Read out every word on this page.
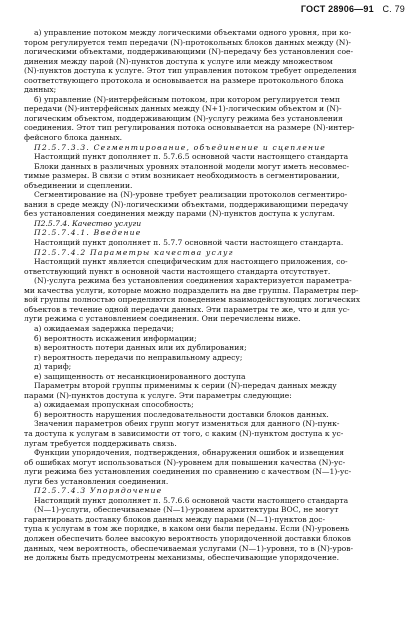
ГОСТ 28906—91 С. 79
а) управление потоком между логическими объектами одного уровня, при ко-
тором регулируется темп передачи (N)-протокольных блоков данных между (N)-
логическими объектами, поддерживающими (N)-передачу без установления сое-
динения между парой (N)-пунктов доступа к услуге или между множеством
(N)-пунктов доступа к услуге. Этот тип управления потоком требует определения
соответствующего протокола и основывается на размере протокольного блока
данных;
б) управление (N)-интерфейсным потоком, при котором регулируется темп
передачи (N)-интерфейсных данных между (N+1)-логическим объектом и (N)-
логическим объектом, поддерживающим (N)-услугу режима без установления
соединения. Этот тип регулирования потока основывается на размере (N)-интер-
фейсного блока данных.
П2.5.7.3.3. Сегментирование, объединение и сцепление
Настоящий пункт дополняет п. 5.7.6.5 основной части настоящего стандарта
Блоки данных в различных уровнях эталонной модели могут иметь несовмес-
тимые размеры. В связи с этим возникает необходимость в сегментировании,
объединении и сцеплении.
Сегментирование на (N)-уровне требует реализации протоколов сегментиро-
вания в среде между (N)-логическими объектами, поддерживающими передачу
без установления соединения между парами (N)-пунктов доступа к услугам.
П2.5.7.4. Качество услуги
П2.5.7.4.1. Введение
Настоящий пункт дополняет п. 5.7.7 основной части настоящего стандарта.
П2.5.7.4.2 Параметры качества услуг
Настоящий пункт является специфическим для настоящего приложения, со-
ответствующий пункт в основной части настоящего стандарта отсутствует.
(N)-услуга режима без установления соединения характеризуется параметра-
ми качества услуги, которые можно подразделить на две группы. Параметры пер-
вой группы полностью определяются поведением взаимодействующих логических
объектов в течение одной передачи данных. Эти параметры те же, что и для ус-
луги режима с установлением соединения. Они перечислены ниже.
а) ожидаемая задержка передачи;
б) вероятность искажения информации;
в) вероятность потери данных или их дублирования;
г) вероятность передачи по неправильному адресу;
д) тариф;
е) защищенность от несанкционированного доступа
Параметры второй группы применимы к серии (N)-передач данных между
парами (N)-пунктов доступа к услуге. Эти параметры следующие:
а) ожидаемая пропускная способность;
б) вероятность нарушения последовательности доставки блоков данных.
Значения параметров обеих групп могут изменяться для данного (N)-пунк-
та доступа к услугам в зависимости от того, с каким (N)-пунктом доступа к ус-
лугам требуется поддерживать связь.
Функции упорядочения, подтверждения, обнаружения ошибок и извещения
об ошибках могут использоваться (N)-уровнем для повышения качества (N)-ус-
луги режима без установления соединения по сравнению с качеством (N—1)-ус-
луги без установления соединения.
П2.5.7.4.3 Упорядочение
Настоящий пункт дополняет п. 5.7.6.6 основной части настоящего стандарта
(N—1)-услуги, обеспечиваемые (N—1)-уровнем архитектуры ВОС, не могут
гарантировать доставку блоков данных между парами (N—1)-пунктов дос-
тупа к услугам в том же порядке, в каком они были переданы. Если (N)-уровень
должен обеспечить более высокую вероятность упорядоченной доставки блоков
данных, чем вероятность, обеспечиваемая услугами (N—1)-уровня, то в (N)-уров-
не должны быть предусмотрены механизмы, обеспечивающие упорядочение.
